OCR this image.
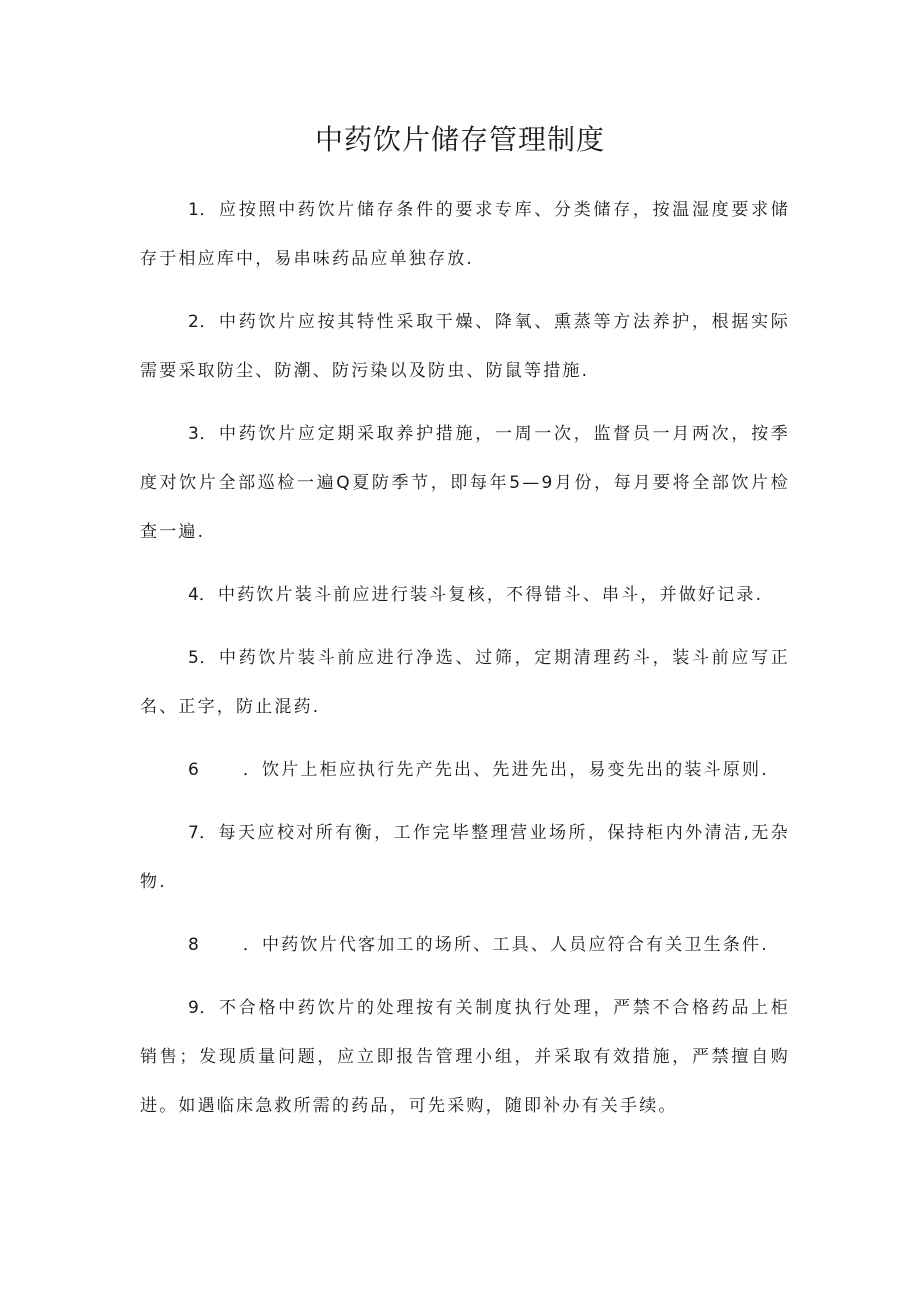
中药饮片储存管理制度

1．应按照中药饮片储存条件的要求专库、分类储存，按温湿度要求储存于相应库中，易串味药品应单独存放.

2．中药饮片应按其特性采取干燥、降氧、熏蒸等方法养护，根据实际需要采取防尘、防潮、防污染以及防虫、防鼠等措施.

3．中药饮片应定期采取养护措施，一周一次，监督员一月两次，按季度对饮片全部巡检一遍Q夏防季节，即每年5—9月份，每月要将全部饮片检查一遍.

4．中药饮片装斗前应进行装斗复核，不得错斗、串斗，并做好记录.

5．中药饮片装斗前应进行净选、过筛，定期清理药斗，装斗前应写正名、正字，防止混药.

6	．饮片上柜应执行先产先出、先进先出，易变先出的装斗原则.

7．每天应校对所有衡，工作完毕整理营业场所，保持柜内外清洁,无杂物.

8	．中药饮片代客加工的场所、工具、人员应符合有关卫生条件.

9．不合格中药饮片的处理按有关制度执行处理，严禁不合格药品上柜销售；发现质量问题，应立即报告管理小组，并采取有效措施，严禁擅自购进。如遇临床急救所需的药品，可先采购，随即补办有关手续。
